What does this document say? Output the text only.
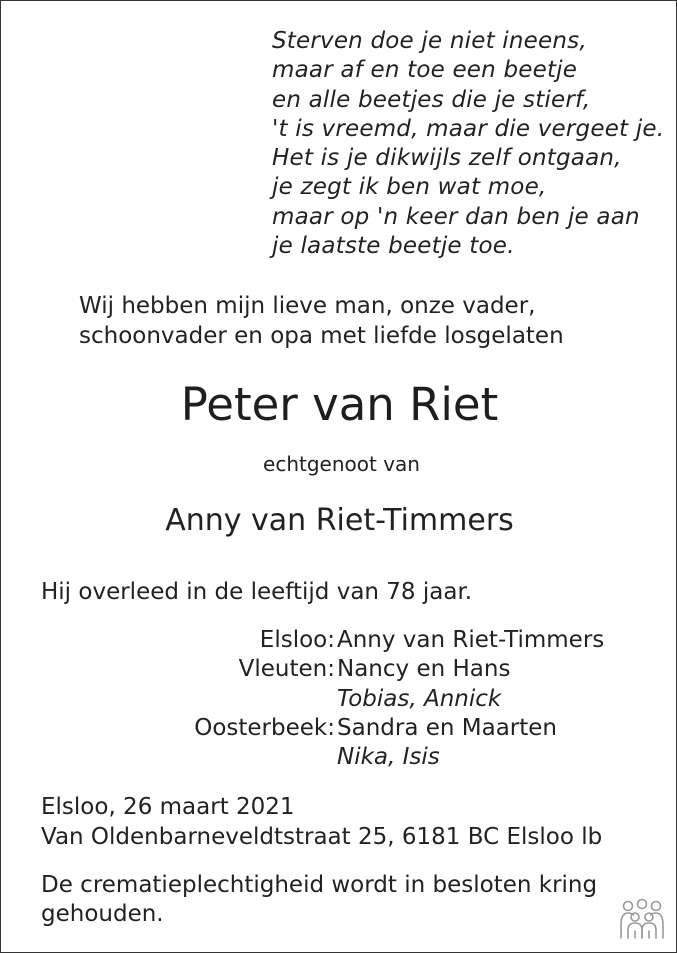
Sterven doe je niet ineens,
maar af en toe een beetje
en alle beetjes die je stierf,
't is vreemd, maar die vergeet je.
Het is je dikwijls zelf ontgaan,
je zegt ik ben wat moe,
maar op 'n keer dan ben je aan
je laatste beetje toe.
Wij hebben mijn lieve man, onze vader,
schoonvader en opa met liefde losgelaten
Peter van Riet
echtgenoot van
Anny van Riet-Timmers
Hij overleed in de leeftijd van 78 jaar.
Elsloo: Anny van Riet-Timmers
Vleuten: Nancy en Hans
Tobias, Annick
Oosterbeek: Sandra en Maarten
Nika, Isis
Elsloo, 26 maart 2021
Van Oldenbarneveldtstraat 25, 6181 BC Elsloo lb
De crematieplechtigheid wordt in besloten kring
gehouden.
